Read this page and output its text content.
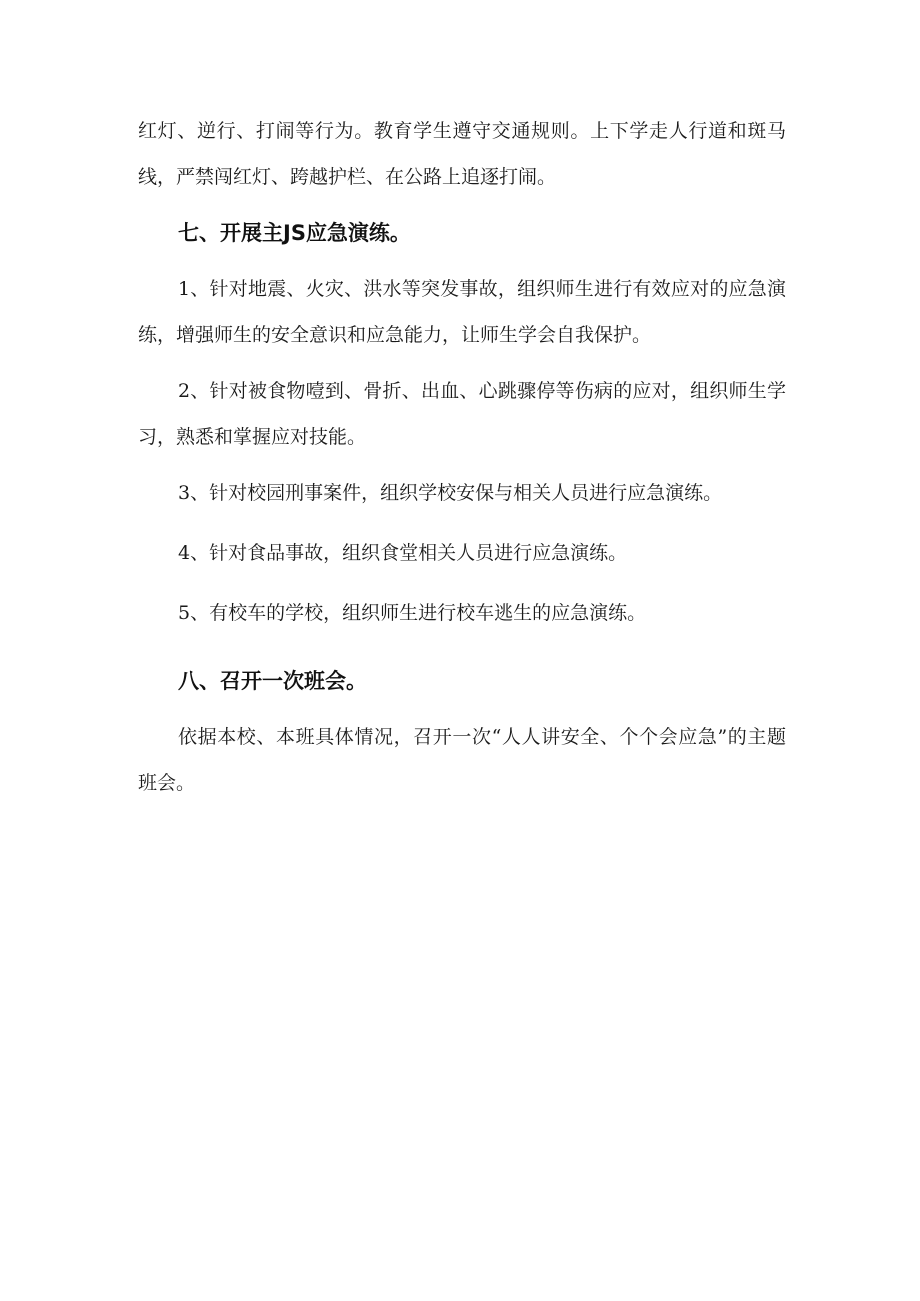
红灯、逆行、打闹等行为。教育学生遵守交通规则。上下学走人行道和斑马线，严禁闯红灯、跨越护栏、在公路上追逐打闹。

七、开展主JS应急演练。

1、针对地震、火灾、洪水等突发事故，组织师生进行有效应对的应急演练，增强师生的安全意识和应急能力，让师生学会自我保护。

2、针对被食物噎到、骨折、出血、心跳骤停等伤病的应对，组织师生学习，熟悉和掌握应对技能。

3、针对校园刑事案件，组织学校安保与相关人员进行应急演练。

4、针对食品事故，组织食堂相关人员进行应急演练。

5、有校车的学校，组织师生进行校车逃生的应急演练。

八、召开一次班会。

依据本校、本班具体情况，召开一次“人人讲安全、个个会应急”的主题班会。
